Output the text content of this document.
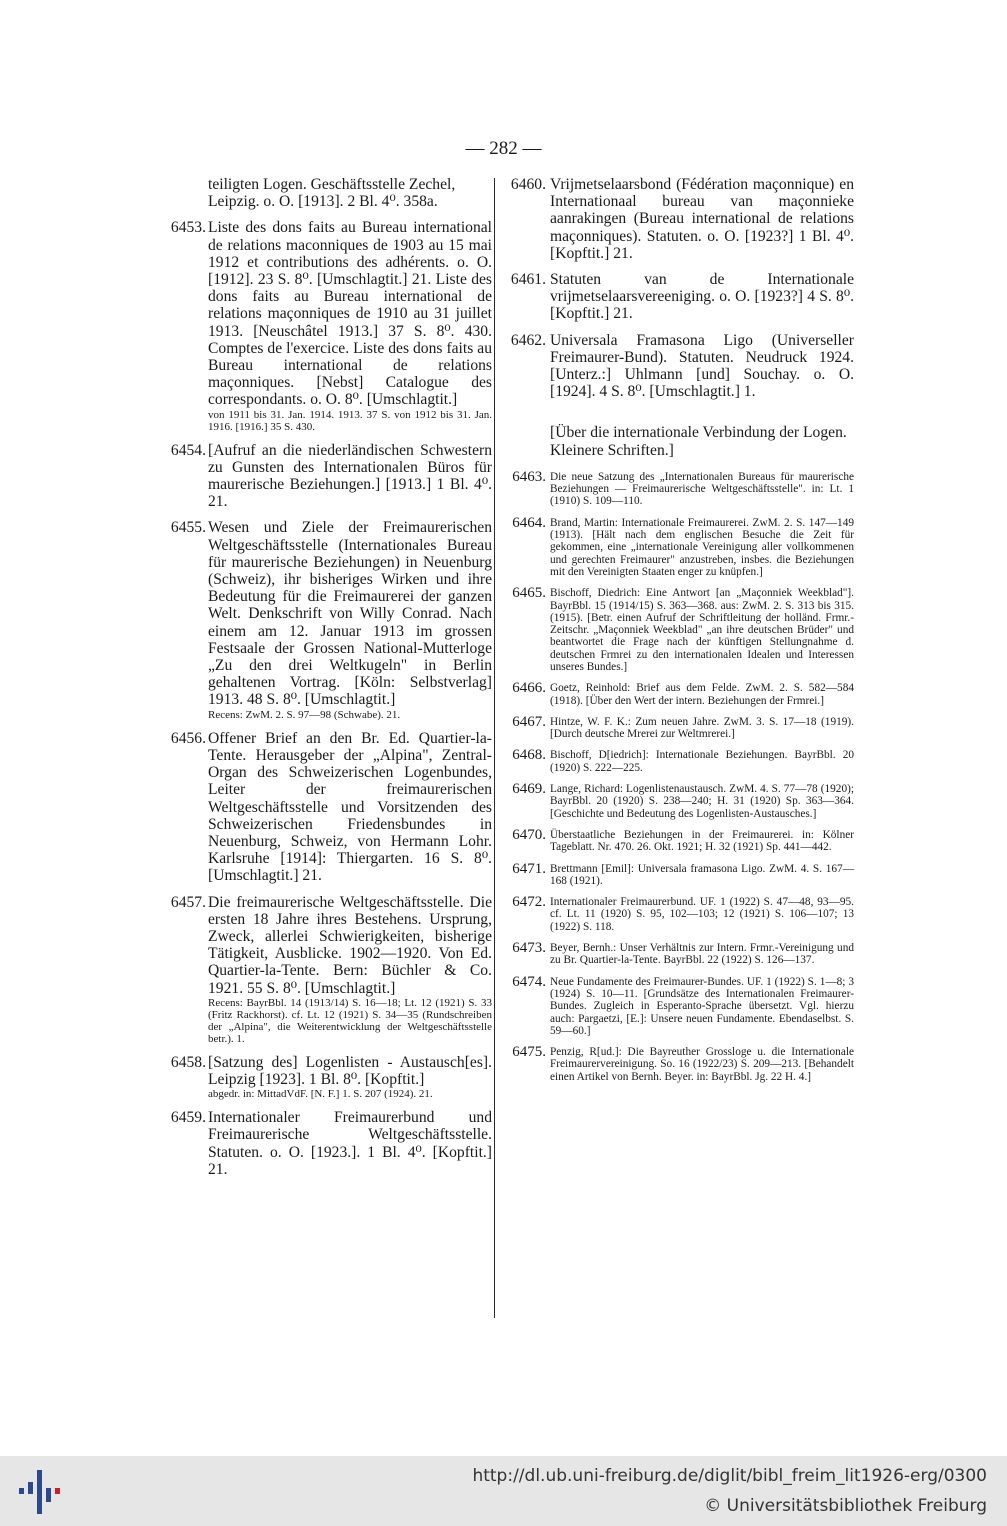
— 282 —
teiligten Logen. Geschäftsstelle Zechel, Leipzig. o. O. [1913]. 2 Bl. 4⁰. 358a.
6453. Liste des dons faits au Bureau international de relations maconniques de 1903 au 15 mai 1912 et contributions des adhérents. o. O. [1912]. 23 S. 8⁰. [Umschlagtit.] 21. Liste des dons faits au Bureau international de relations maçonniques de 1910 au 31 juillet 1913. [Neuschâtel 1913.] 37 S. 8⁰. 430. Comptes de l'exercice. Liste des dons faits au Bureau international de relations maçonniques. [Nebst] Catalogue des correspondants. o. O. 8⁰. [Umschlagtit.]
von 1911 bis 31. Jan. 1914. 1913. 37 S. von 1912 bis 31. Jan. 1916. [1916.] 35 S. 430.
6454. [Aufruf an die niederländischen Schwestern zu Gunsten des Internationalen Büros für maurerische Beziehungen.] [1913.] 1 Bl. 4⁰. 21.
6455. Wesen und Ziele der Freimaurerischen Weltgeschäftsstelle (Internationales Bureau für maurerische Beziehungen) in Neuenburg (Schweiz), ihr bisheriges Wirken und ihre Bedeutung für die Freimaurerei der ganzen Welt. Denkschrift von Willy Conrad. Nach einem am 12. Januar 1913 im grossen Festsaale der Grossen National-Mutterloge „Zu den drei Weltkugeln" in Berlin gehaltenen Vortrag. [Köln: Selbstverlag] 1913. 48 S. 8⁰. [Umschlagtit.]
Recens: ZwM. 2. S. 97—98 (Schwabe). 21.
6456. Offener Brief an den Br. Ed. Quartier-la-Tente. Herausgeber der „Alpina", Zentral-Organ des Schweizerischen Logenbundes, Leiter der freimaurerischen Weltgeschäftsstelle und Vorsitzenden des Schweizerischen Friedensbundes in Neuenburg, Schweiz, von Hermann Lohr. Karlsruhe [1914]: Thiergarten. 16 S. 8⁰. [Umschlagtit.] 21.
6457. Die freimaurerische Weltgeschäftsstelle. Die ersten 18 Jahre ihres Bestehens. Ursprung, Zweck, allerlei Schwierigkeiten, bisherige Tätigkeit, Ausblicke. 1902—1920. Von Ed. Quartier-la-Tente. Bern: Büchler & Co. 1921. 55 S. 8⁰. [Umschlagtit.]
Recens: BayrBbl. 14 (1913/14) S. 16—18; Lt. 12 (1921) S. 33 (Fritz Rackhorst). cf. Lt. 12 (1921) S. 34—35 (Rundschreiben der „Alpina", die Weiterentwicklung der Weltgeschäftsstelle betr.). 1.
6458. [Satzung des] Logenlisten - Austausch[es]. Leipzig [1923]. 1 Bl. 8⁰. [Kopftit.]
abgedr. in: MittadVdF. [N. F.] 1. S. 207 (1924). 21.
6459. Internationaler Freimaurerbund und Freimaurerische Weltgeschäftsstelle. Statuten. o. O. [1923.]. 1 Bl. 4⁰. [Kopftit.] 21.
6460. Vrijmetselaarsbond (Fédération maçonnique) en Internationaal bureau van maçonnieke aanrakingen (Bureau international de relations maçonniques). Statuten. o. O. [1923?] 1 Bl. 4⁰. [Kopftit.] 21.
6461. Statuten van de Internationale vrijmetselaarsvereeniging. o. O. [1923?] 4 S. 8⁰. [Kopftit.] 21.
6462. Universala Framasona Ligo (Universeller Freimaurer-Bund). Statuten. Neudruck 1924. [Unterz.:] Uhlmann [und] Souchay. o. O. [1924]. 4 S. 8⁰. [Umschlagtit.] 1.
[Über die internationale Verbindung der Logen. Kleinere Schriften.]
6463. Die neue Satzung des „Internationalen Bureaus für maurerische Beziehungen — Freimaurerische Weltgeschäftsstelle". in: Lt. 1 (1910) S. 109—110.
6464. Brand, Martin: Internationale Freimaurerei. ZwM. 2. S. 147—149 (1913). [Hält nach dem englischen Besuche die Zeit für gekommen, eine „internationale Vereinigung aller vollkommenen und gerechten Freimaurer" anzustreben, insbes. die Beziehungen mit den Vereinigten Staaten enger zu knüpfen.]
6465. Bischoff, Diedrich: Eine Antwort [an „Maçonniek Weekblad"]. BayrBbl. 15 (1914/15) S. 363—368. aus: ZwM. 2. S. 313 bis 315. (1915). [Betr. einen Aufruf der Schriftleitung der holländ. Frmr.-Zeitschr. „Maçonniek Weekblad" „an ihre deutschen Brüder" und beantwortet die Frage nach der künftigen Stellungnahme d. deutschen Frmrei zu den internationalen Idealen und Interessen unseres Bundes.]
6466. Goetz, Reinhold: Brief aus dem Felde. ZwM. 2. S. 582—584 (1918). [Über den Wert der intern. Beziehungen der Frmrei.]
6467. Hintze, W. F. K.: Zum neuen Jahre. ZwM. 3. S. 17—18 (1919). [Durch deutsche Mrerei zur Weltmrerei.]
6468. Bischoff, D[iedrich]: Internationale Beziehungen. BayrBbl. 20 (1920) S. 222—225.
6469. Lange, Richard: Logenlistenaustausch. ZwM. 4. S. 77—78 (1920); BayrBbl. 20 (1920) S. 238—240; H. 31 (1920) Sp. 363—364. [Geschichte und Bedeutung des Logenlisten-Austausches.]
6470. Überstaatliche Beziehungen in der Freimaurerei. in: Kölner Tageblatt. Nr. 470. 26. Okt. 1921; H. 32 (1921) Sp. 441—442.
6471. Brettmann [Emil]: Universala framasona Ligo. ZwM. 4. S. 167—168 (1921).
6472. Internationaler Freimaurerbund. UF. 1 (1922) S. 47—48, 93—95. cf. Lt. 11 (1920) S. 95, 102—103; 12 (1921) S. 106—107; 13 (1922) S. 118.
6473. Beyer, Bernh.: Unser Verhältnis zur Intern. Frmr.-Vereinigung und zu Br. Quartier-la-Tente. BayrBbl. 22 (1922) S. 126—137.
6474. Neue Fundamente des Freimaurer-Bundes. UF. 1 (1922) S. 1—8; 3 (1924) S. 10—11. [Grundsätze des Internationalen Freimaurer-Bundes. Zugleich in Esperanto-Sprache übersetzt. Vgl. hierzu auch: Pargaetzi, [E.]: Unsere neuen Fundamente. Ebendaselbst. S. 59—60.]
6475. Penzig, R[ud.]: Die Bayreuther Grossloge u. die Internationale Freimaurervereinigung. So. 16 (1922/23) S. 209—213. [Behandelt einen Artikel von Bernh. Beyer. in: BayrBbl. Jg. 22 H. 4.]
http://dl.ub.uni-freiburg.de/diglit/bibl_freim_lit1926-erg/0300
© Universitätsbibliothek Freiburg
